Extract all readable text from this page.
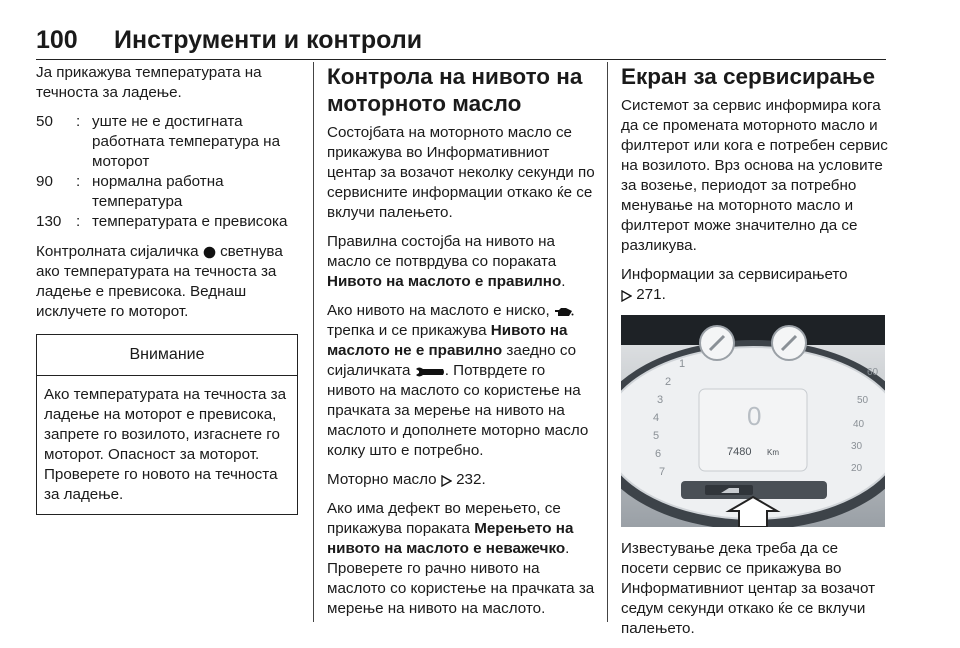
100 Инструменти и контроли

Ја прикажува температурата на течноста за ладење.

50	: уште не е достигната работната температура на моторот
90	: нормална работна температура
130 : температурата е превисока

Контролната сијаличка светнува ако температурата на течноста за ладење е превисока. Веднаш исклучете го моторот.

Внимание
Ако температурата на течноста за ладење на моторот е превисока, запрете го возилото, изгаснете го моторот. Опасност за моторот. Проверете го новото на течноста за ладење.
Контрола на нивото на моторното масло

Состојбата на моторното масло се прикажува во Информативниот центар за возачот неколку секунди по сервисните информации откако ќе се вклучи палењето.

Правилна состојба на нивото на масло се потврдува со пораката Нивото на маслото е правилно.

Ако нивото на маслото е ниско,  трепка и се прикажува Нивото на маслото не е правилно заедно со сијаличката . Потврдете го нивото на маслото со користење на прачката за мерење на нивото на маслото и дополнете моторно масло колку што е потребно.

Моторно масло 232.

Ако има дефект во мерењето, се прикажува пораката Мерењето на нивото на маслото е неважечко. Проверете го рачно нивото на маслото со користење на прачката за мерење на нивото на маслото.

Екран за сервисирање

Системот за сервис информира кога да се промената моторното масло и филтерот или кога е потребен сервис на возилото. Врз основа на условите за возење, периодот за потребно менување на моторното масло и филтерот може значително да се разликува.

Информации за сервисирањето
271.

1
2
3
4
5
6
7
60
50
40
30
20
0
7480 Km

Известување дека треба да се посети сервис се прикажува во Информативниот центар за возачот седум секунди откако ќе се вклучи палењето.
